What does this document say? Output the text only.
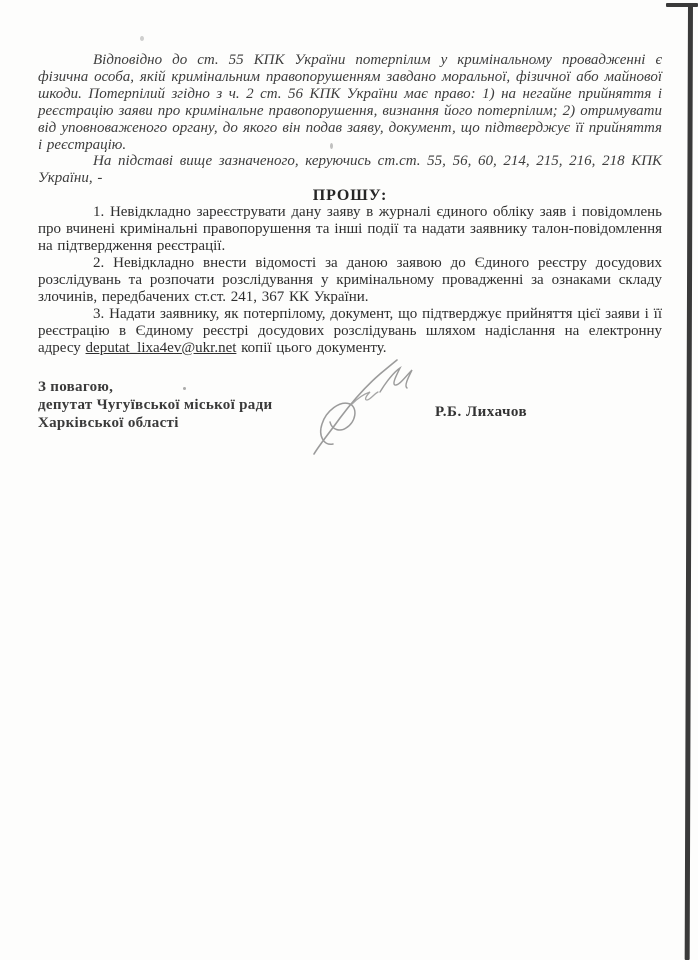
Відповідно до ст. 55 КПК України потерпілим у кримінальному провадженні є фізична особа, якій кримінальним правопорушенням завдано моральної, фізичної або майнової шкоди. Потерпілий згідно з ч. 2 ст. 56 КПК України має право: 1) на негайне прийняття і реєстрацію заяви про кримінальне правопорушення, визнання його потерпілим; 2) отримувати від уповноваженого органу, до якого він подав заяву, документ, що підтверджує її прийняття і реєстрацію.

На підставі вище зазначеного, керуючись ст.ст. 55, 56, 60, 214, 215, 216, 218 КПК України, -

ПРОШУ:

1. Невідкладно зареєструвати дану заяву в журналі єдиного обліку заяв і повідомлень про вчинені кримінальні правопорушення та інші події та надати заявнику талон-повідомлення на підтвердження реєстрації.

2. Невідкладно внести відомості за даною заявою до Єдиного реєстру досудових розслідувань та розпочати розслідування у кримінальному провадженні за ознаками складу злочинів, передбачених ст.ст. 241, 367 КК України.

3. Надати заявнику, як потерпілому, документ, що підтверджує прийняття цієї заяви і її реєстрацію в Єдиному реєстрі досудових розслідувань шляхом надіслання на електронну адресу deputat_lixa4ev@ukr.net копії цього документу.

З повагою,

депутат Чугуївської міської ради

Харківської області

Р.Б. Лихачов
